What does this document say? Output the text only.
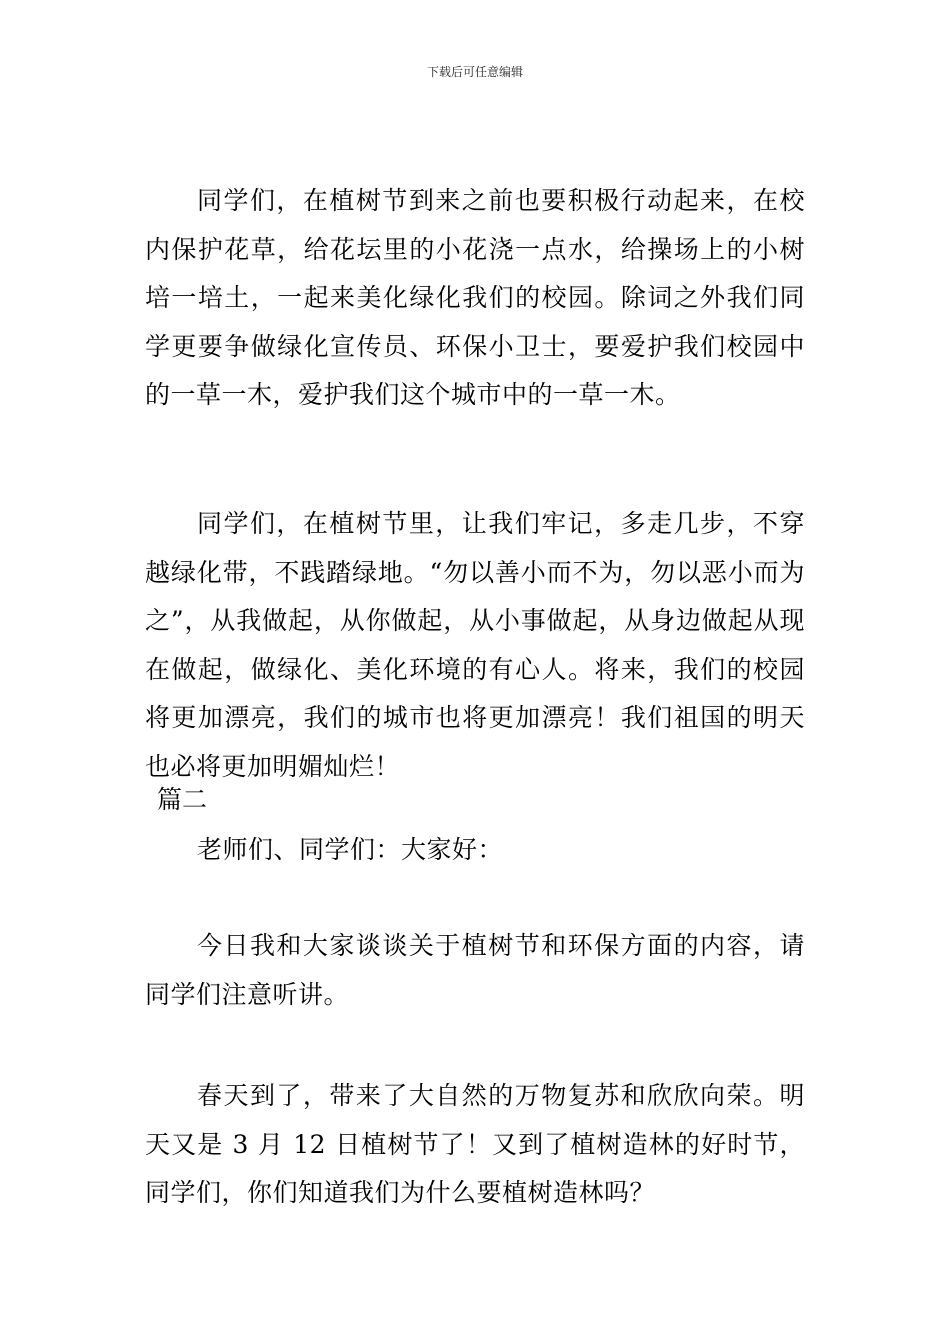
下载后可任意编辑

同学们，在植树节到来之前也要积极行动起来，在校内保护花草，给花坛里的小花浇一点水，给操场上的小树培一培土，一起来美化绿化我们的校园。除词之外我们同学更要争做绿化宣传员、环保小卫士，要爱护我们校园中的一草一木，爱护我们这个城市中的一草一木。

同学们，在植树节里，让我们牢记，多走几步，不穿越绿化带，不践踏绿地。“勿以善小而不为，勿以恶小而为之”，从我做起，从你做起，从小事做起，从身边做起从现在做起，做绿化、美化环境的有心人。将来，我们的校园将更加漂亮，我们的城市也将更加漂亮！我们祖国的明天也必将更加明媚灿烂！

篇二

老师们、同学们：大家好：

今日我和大家谈谈关于植树节和环保方面的内容，请同学们注意听讲。

春天到了，带来了大自然的万物复苏和欣欣向荣。明天又是 3 月 12 日植树节了！又到了植树造林的好时节，同学们，你们知道我们为什么要植树造林吗？
